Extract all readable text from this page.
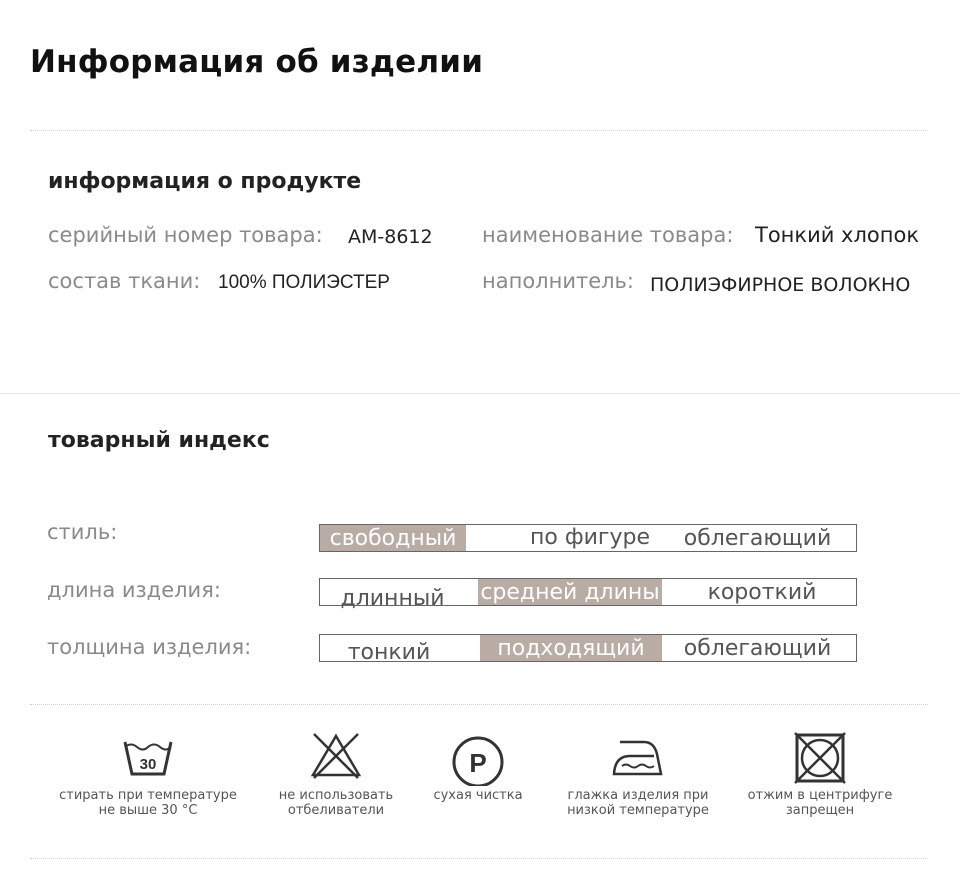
Информация об изделии
информация о продукте
серийный номер товара: AM-8612 наименование товара: Тонкий хлопок
состав ткани: 100% ПОЛИЭСТЕР	наполнитель: ПОЛИЭФИРНОЕ ВОЛОКНО
товарный индекс
стиль:	свободный	по фигуре	облегающий
длина изделия:	длинный	средней длины	короткий
толщина изделия:	тонкий	подходящий	облегающий
30
стирать при температуре
не выше 30 °C
не использовать
отбеливатели
P
сухая чистка	глажка изделия при
низкой температуре
отжим в центрифуге
запрещен
